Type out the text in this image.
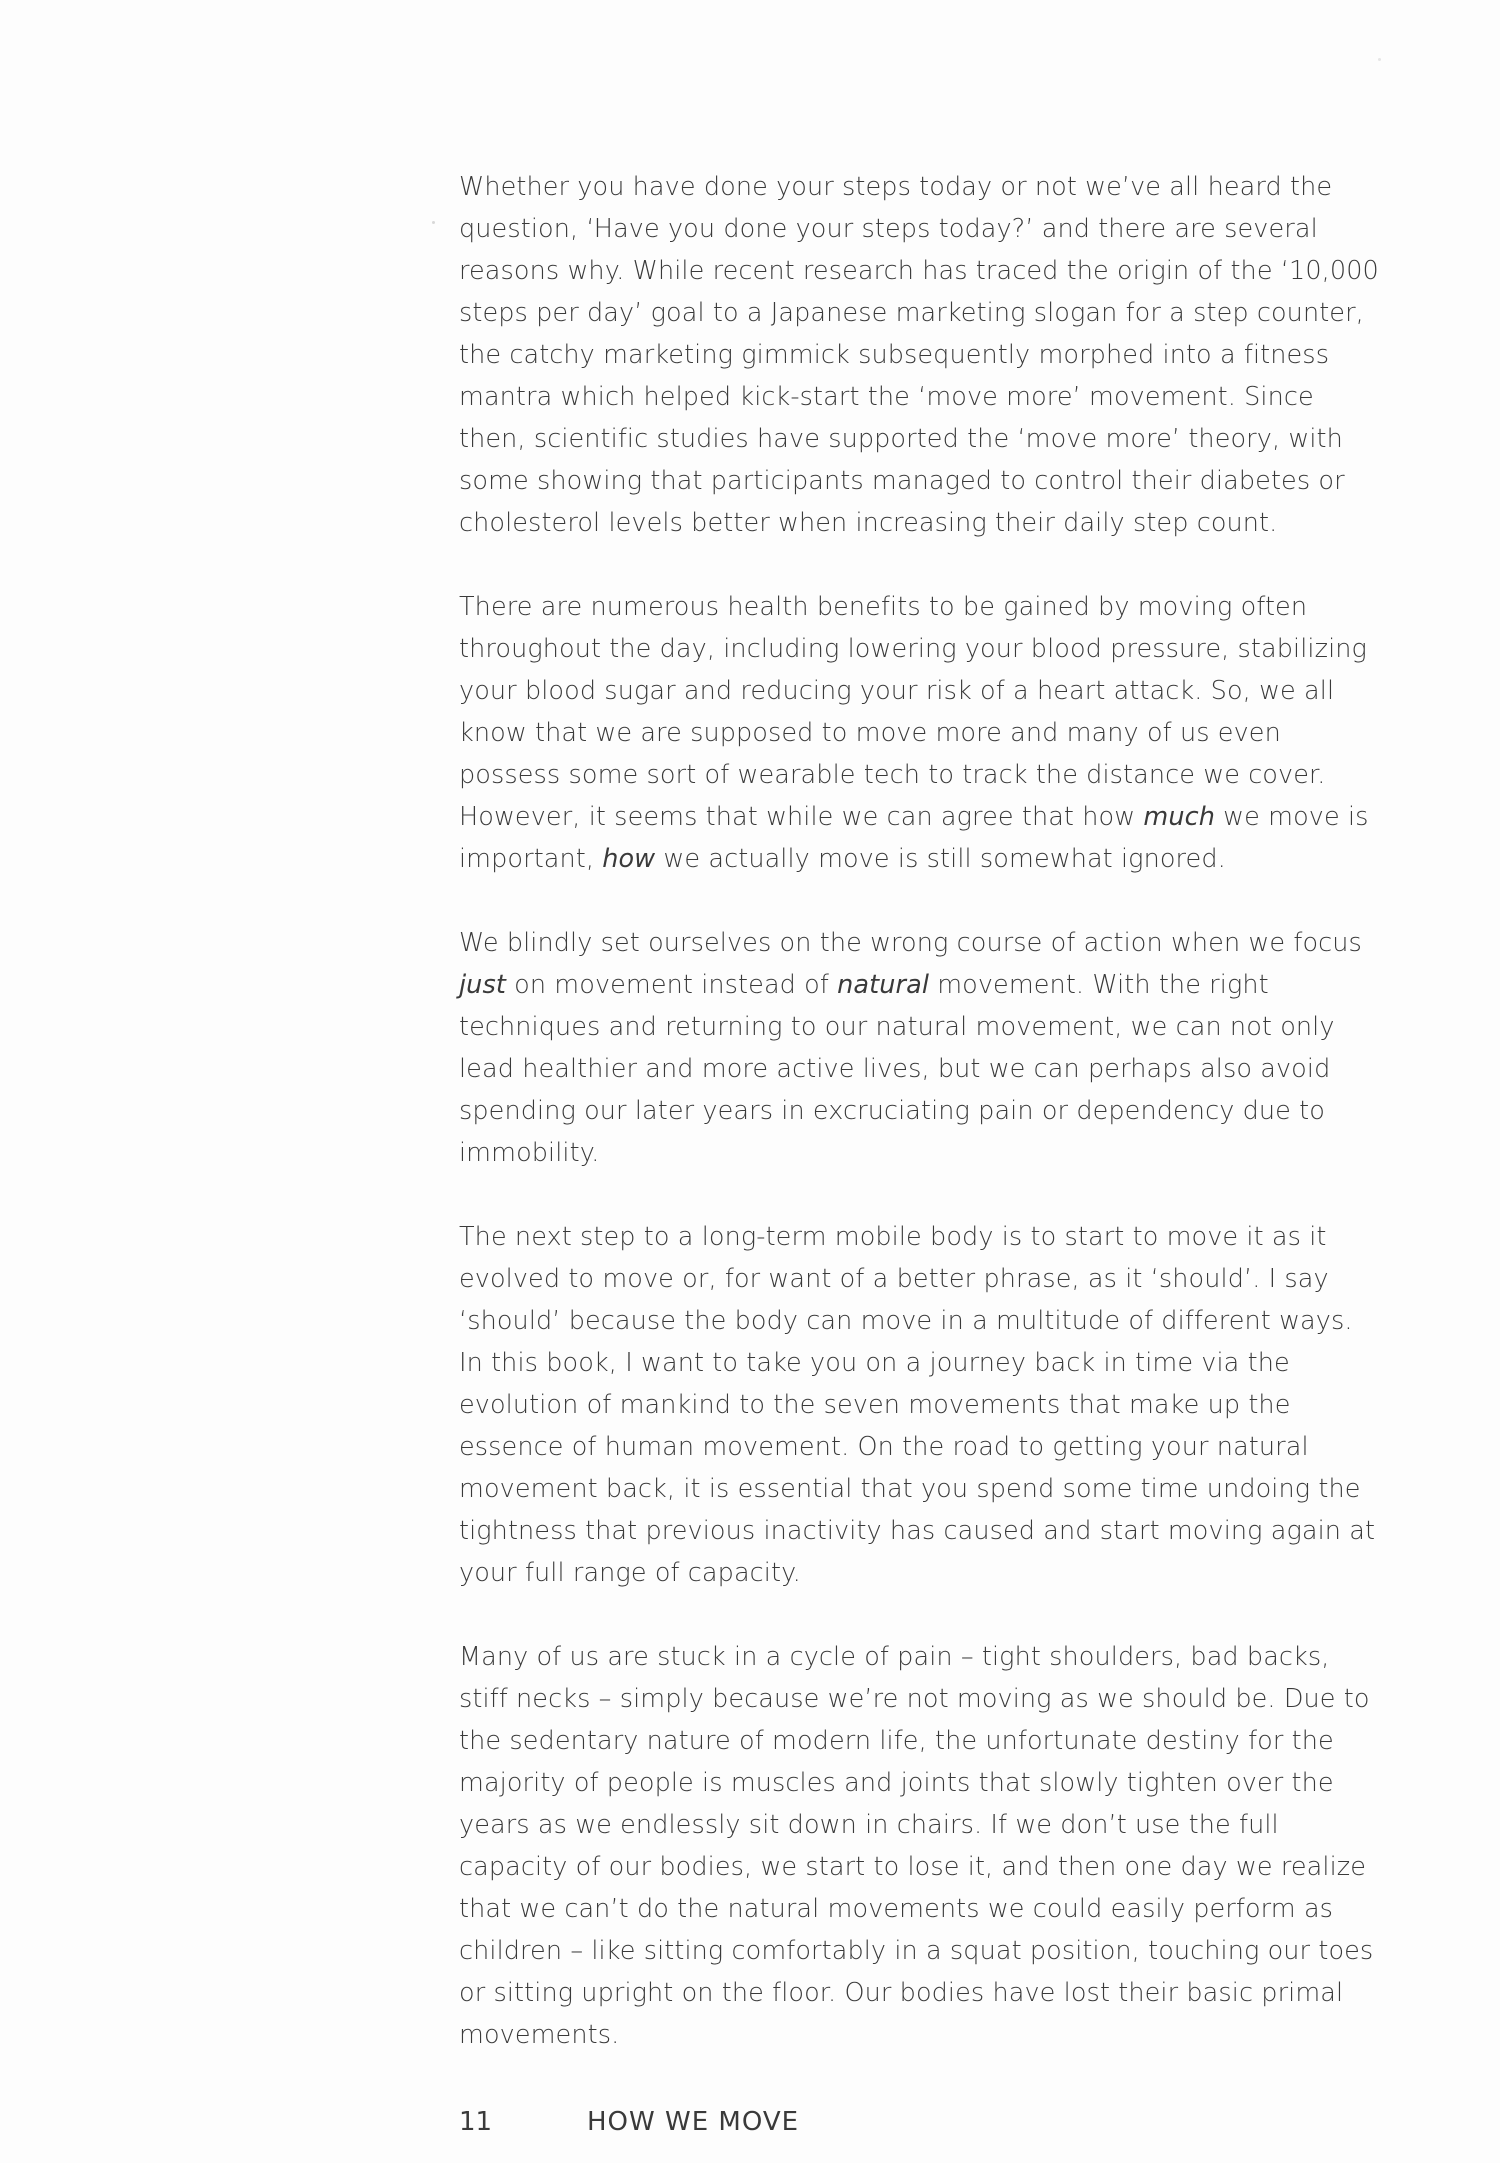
Whether you have done your steps today or not we’ve all heard the question, ‘Have you done your steps today?’ and there are several reasons why. While recent research has traced the origin of the ‘10,000 steps per day’ goal to a Japanese marketing slogan for a step counter, the catchy marketing gimmick subsequently morphed into a fitness mantra which helped kick-start the ‘move more’ movement. Since then, scientific studies have supported the ‘move more’ theory, with some showing that participants managed to control their diabetes or cholesterol levels better when increasing their daily step count.

There are numerous health benefits to be gained by moving often throughout the day, including lowering your blood pressure, stabilizing your blood sugar and reducing your risk of a heart attack. So, we all know that we are supposed to move more and many of us even possess some sort of wearable tech to track the distance we cover. However, it seems that while we can agree that how much we move is important, how we actually move is still somewhat ignored.

We blindly set ourselves on the wrong course of action when we focus just on movement instead of natural movement. With the right techniques and returning to our natural movement, we can not only lead healthier and more active lives, but we can perhaps also avoid spending our later years in excruciating pain or dependency due to immobility.

The next step to a long-term mobile body is to start to move it as it evolved to move or, for want of a better phrase, as it ‘should’. I say ‘should’ because the body can move in a multitude of different ways. In this book, I want to take you on a journey back in time via the evolution of mankind to the seven movements that make up the essence of human movement. On the road to getting your natural movement back, it is essential that you spend some time undoing the tightness that previous inactivity has caused and start moving again at your full range of capacity.

Many of us are stuck in a cycle of pain – tight shoulders, bad backs, stiff necks – simply because we’re not moving as we should be. Due to the sedentary nature of modern life, the unfortunate destiny for the majority of people is muscles and joints that slowly tighten over the years as we endlessly sit down in chairs. If we don’t use the full capacity of our bodies, we start to lose it, and then one day we realize that we can’t do the natural movements we could easily perform as children – like sitting comfortably in a squat position, touching our toes or sitting upright on the floor. Our bodies have lost their basic primal movements.

11	HOW WE MOVE
